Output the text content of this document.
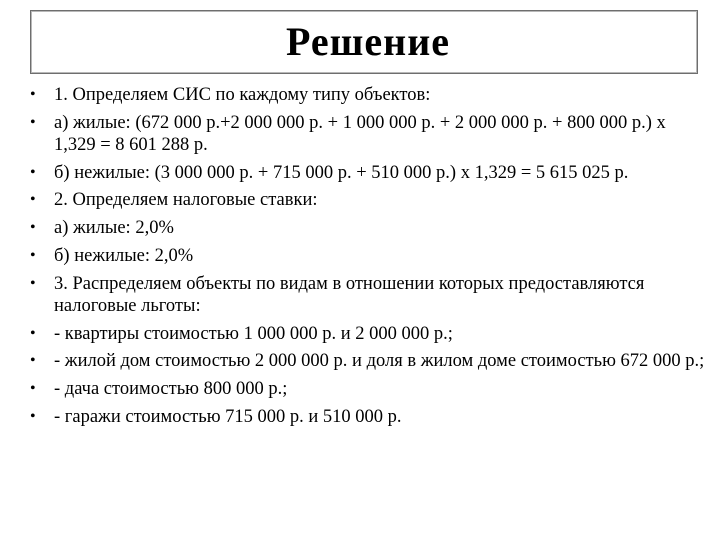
Решение
• 1. Определяем СИС по каждому типу объектов:
• а) жилые: (672 000 р.+2 000 000 р. + 1 000 000 р. + 2 000 000 р. + 800 000 р.) х 1,329 = 8 601 288 р.
• б) нежилые: (3 000 000 р. + 715 000 р. + 510 000 р.) х 1,329 = 5 615 025 р.
• 2. Определяем налоговые ставки:
• а) жилые: 2,0%
• б) нежилые: 2,0%
• 3. Распределяем объекты по видам в отношении которых предоставляются налоговые льготы:
• - квартиры стоимостью 1 000 000 р. и 2 000 000 р.;
• - жилой дом стоимостью 2 000 000 р. и доля в жилом доме стоимостью 672 000 р.;
• - дача стоимостью 800 000 р.;
• - гаражи стоимостью 715 000 р. и 510 000 р.
